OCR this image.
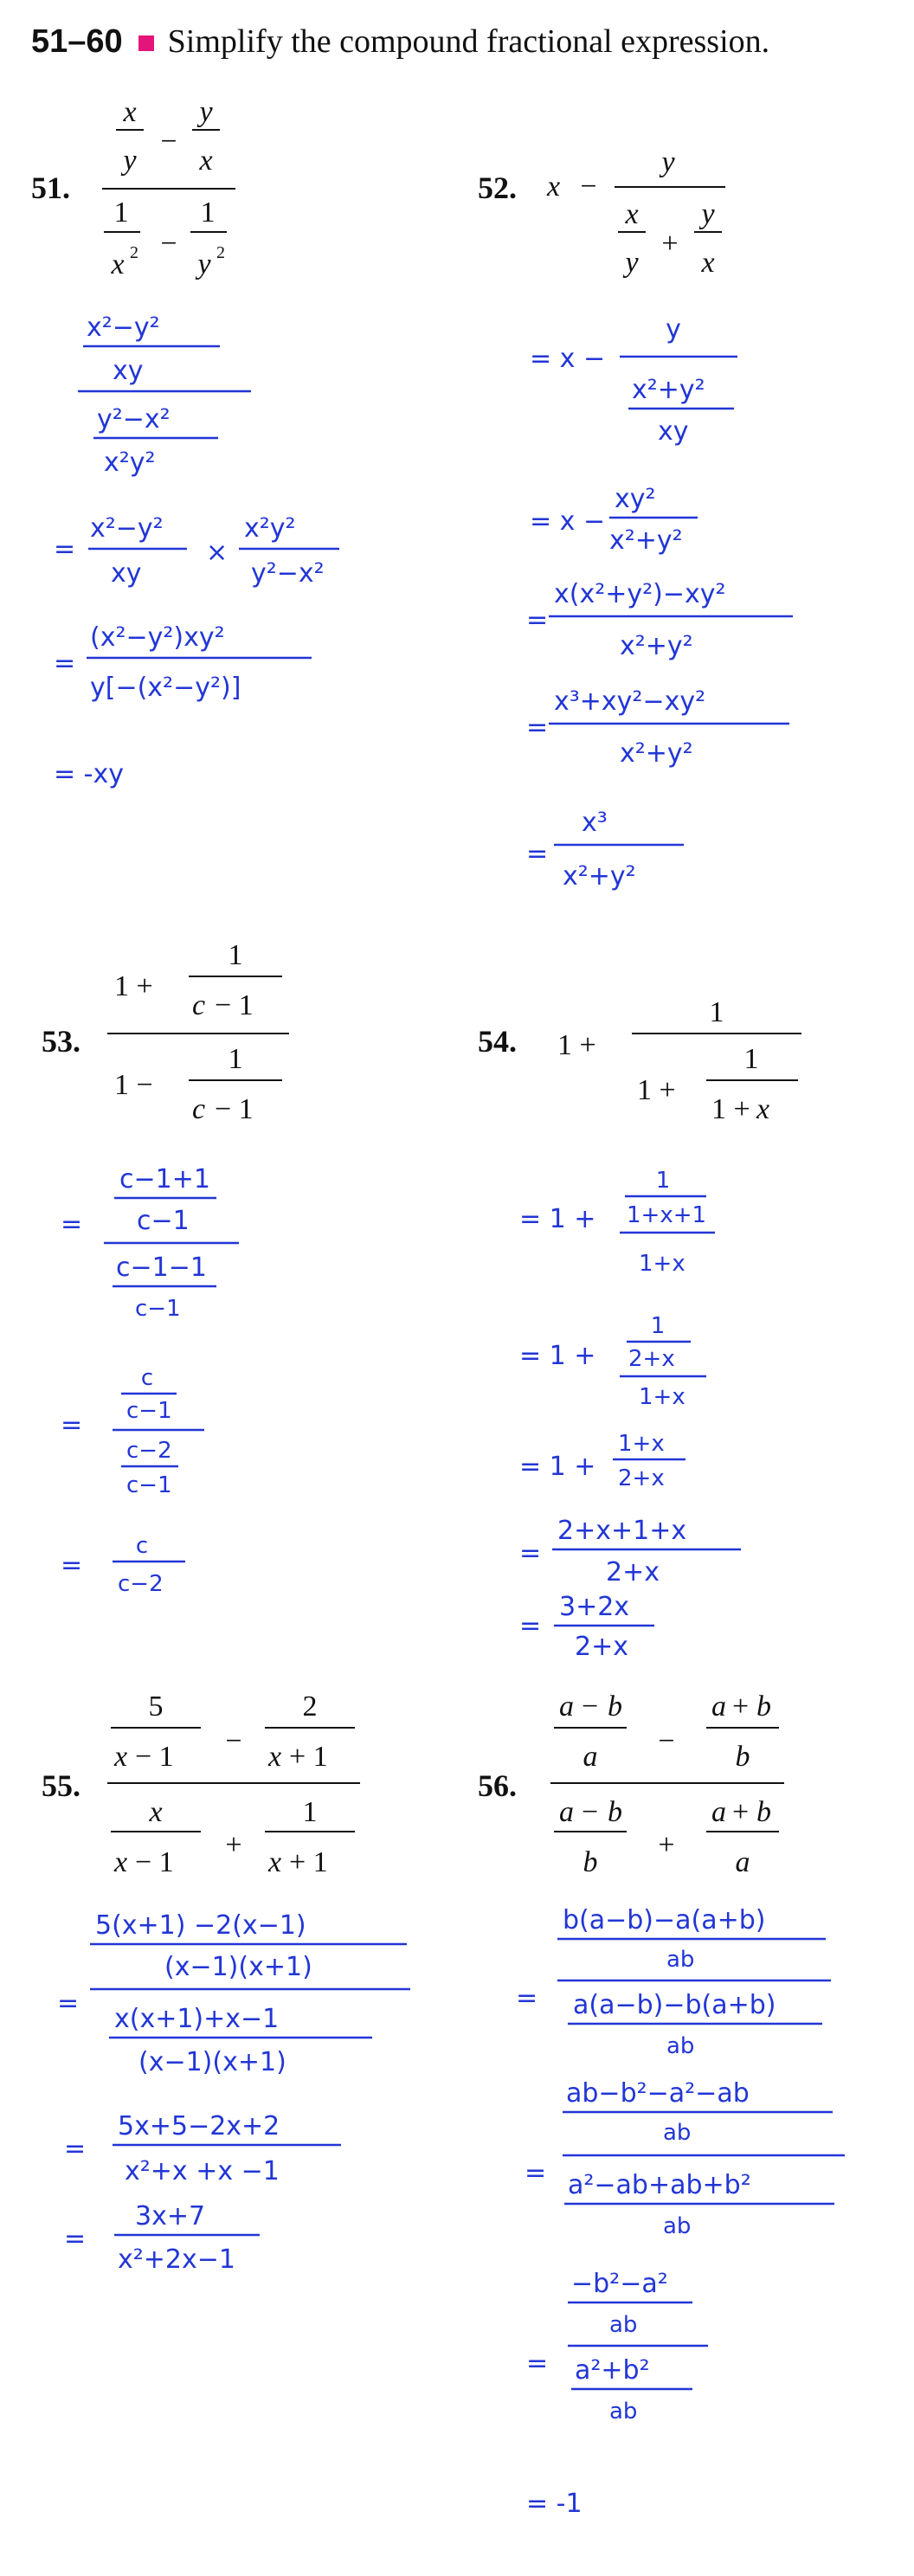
51–60 Simplify the compound fractional expression.
51.	52.
53.	54.
55.	56.
x
y
−
y
x
1
x 2 −
1
y 2
x²−y²
xy
y²−x²
x²y²
=
x²−y²
xy
×
x²y²
y²−x²
=
(x²−y²)xy²
y[−(x²−y²)]
= -xy
x −
y
x
y
+
y
x
= x −
y
x²+y²
xy
= x −
xy²
x²+y²
=
x(x²+y²)−xy²
x²+y²
=
x³+xy²−xy²
x²+y²
=
x³
x²+y²
1 +
1
c − 1
1 −
1
c − 1
=
c−1+1
c−1
c−1−1
c−1
=
c
c−1
c−2
c−1
=
c
c−2
1 +
1
1 +
1
1 + x
= 1 +
1
1+x+1
1+x
= 1 +
1
2+x
1+x
= 1 +
1+x
2+x
=
2+x+1+x
2+x
=
3+2x
2+x
5
x − 1 −
2
x + 1
x
x − 1
+
1
x + 1
5(x+1) −2(x−1)
=
(x−1)(x+1)
x(x+1)+x−1
(x−1)(x+1)
=
5x+5−2x+2
x²+x +x −1
=
3x+7
x²+2x−1
a − b
a −
a + b
b
a − b
b
+
a + b
a
b(a−b)−a(a+b)
=
ab
a(a−b)−b(a+b)
ab
=
ab−b²−a²−ab
ab
a²−ab+ab+b²
ab
=
−b²−a²
ab
a²+b²
ab
= -1
